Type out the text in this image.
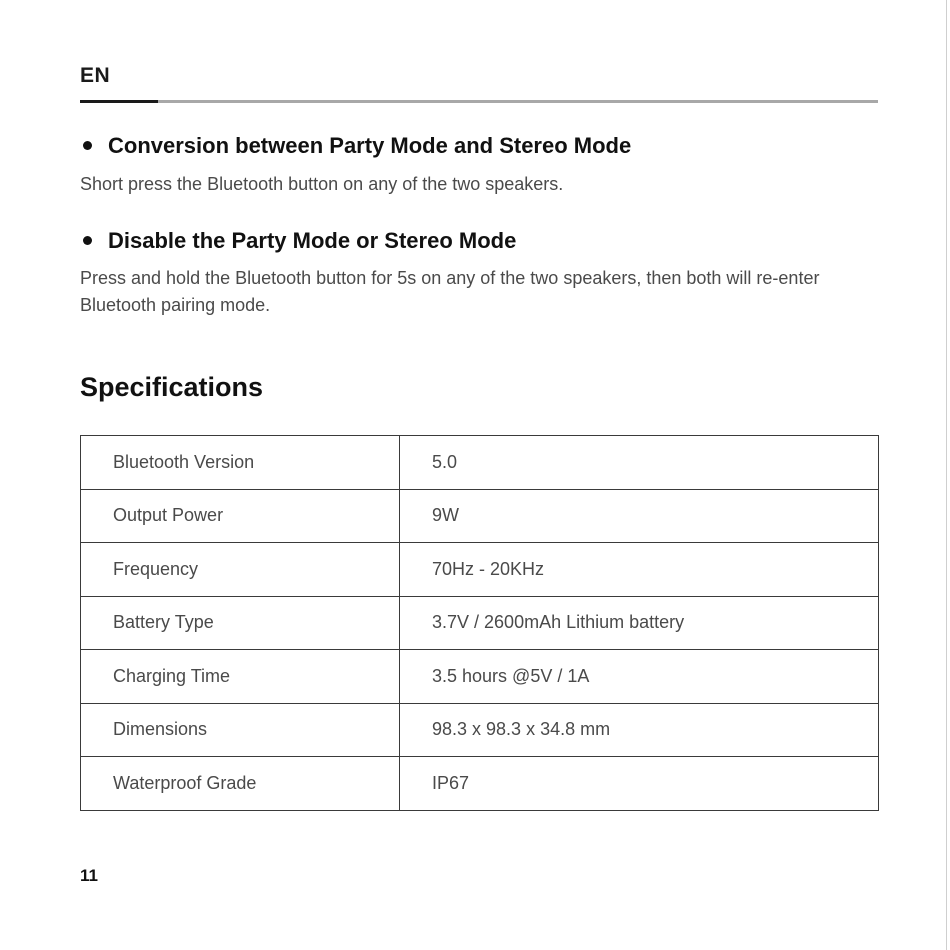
EN
Conversion between Party Mode and Stereo Mode
Short press the Bluetooth button on any of the two speakers.
Disable the Party Mode or Stereo Mode
Press and hold the Bluetooth button for 5s on any of the two speakers, then both will re-enter Bluetooth pairing mode.
Specifications
Bluetooth Version	5.0
Output Power	9W
Frequency	70Hz - 20KHz
Battery Type	3.7V / 2600mAh Lithium battery
Charging Time	3.5 hours @5V / 1A
Dimensions	98.3 x 98.3 x 34.8 mm
Waterproof Grade	IP67
11
